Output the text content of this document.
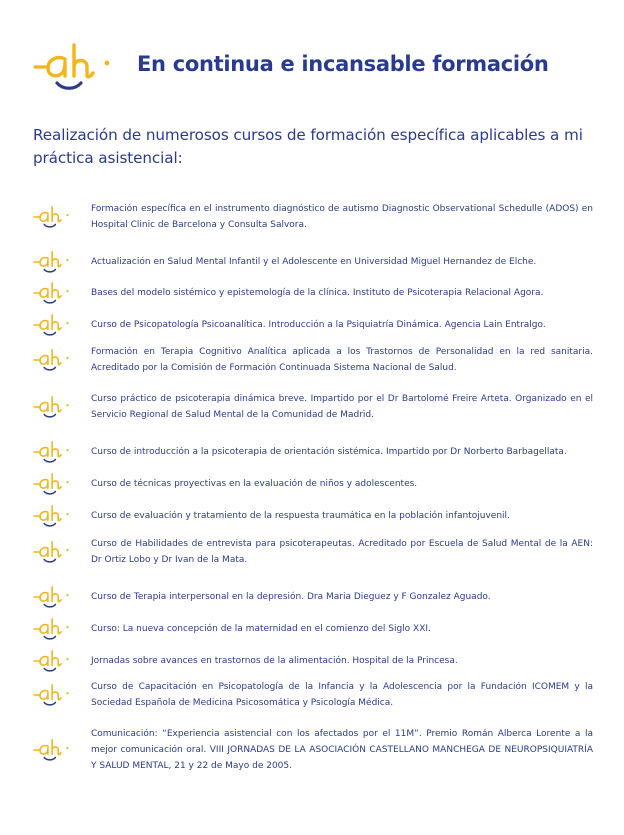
En continua e incansable formación
Realización de numerosos cursos de formación específica aplicables a mi práctica asistencial:
Formación específica en el instrumento diagnóstico de autismo Diagnostic Observational Schedulle (ADOS) en Hospital Clinic de Barcelona y Consulta Salvora.
Actualización en Salud Mental Infantil y el Adolescente en Universidad Miguel Hernandez de Elche.
Bases del modelo sistémico y epistemología de la clínica. Instituto de Psicoterapia Relacional Agora.
Curso de Psicopatología Psicoanalítica. Introducción a la Psiquiatría Dinámica. Agencia Lain Entralgo.
Formación en Terapia Cognitivo Analítica aplicada a los Trastornos de Personalidad en la red sanitaria. Acreditado por la Comisión de Formación Continuada Sistema Nacional de Salud.
Curso práctico de psicoterapia dinámica breve. Impartido por el Dr Bartolomé Freire Arteta. Organizado en el Servicio Regional de Salud Mental de la Comunidad de Madrid.
Curso de introducción a la psicoterapia de orientación sistémica. Impartido por Dr Norberto Barbagellata.
Curso de técnicas proyectivas en la evaluación de niños y adolescentes.
Curso de evaluación y tratamiento de la respuesta traumática en la población infantojuvenil.
Curso de Habilidades de entrevista para psicoterapeutas. Acreditado por Escuela de Salud Mental de la AEN: Dr Ortiz Lobo y Dr Ivan de la Mata.
Curso de Terapia interpersonal en la depresión. Dra Maria Dieguez y F Gonzalez Aguado.
Curso: La nueva concepción de la maternidad en el comienzo del Siglo XXI.
Jornadas sobre avances en trastornos de la alimentación. Hospital de la Princesa.
Curso de Capacitación en Psicopatología de la Infancia y la Adolescencia por la Fundación ICOMEM y la Sociedad Española de Medicina Psicosomática y Psicología Médica.
Comunicación: “Experiencia asistencial con los afectados por el 11M”. Premio Román Alberca Lorente a la mejor comunicación oral. VIII JORNADAS DE LA ASOCIACIÓN CASTELLANO MANCHEGA DE NEUROPSIQUIATRÍA Y SALUD MENTAL, 21 y 22 de Mayo de 2005.
